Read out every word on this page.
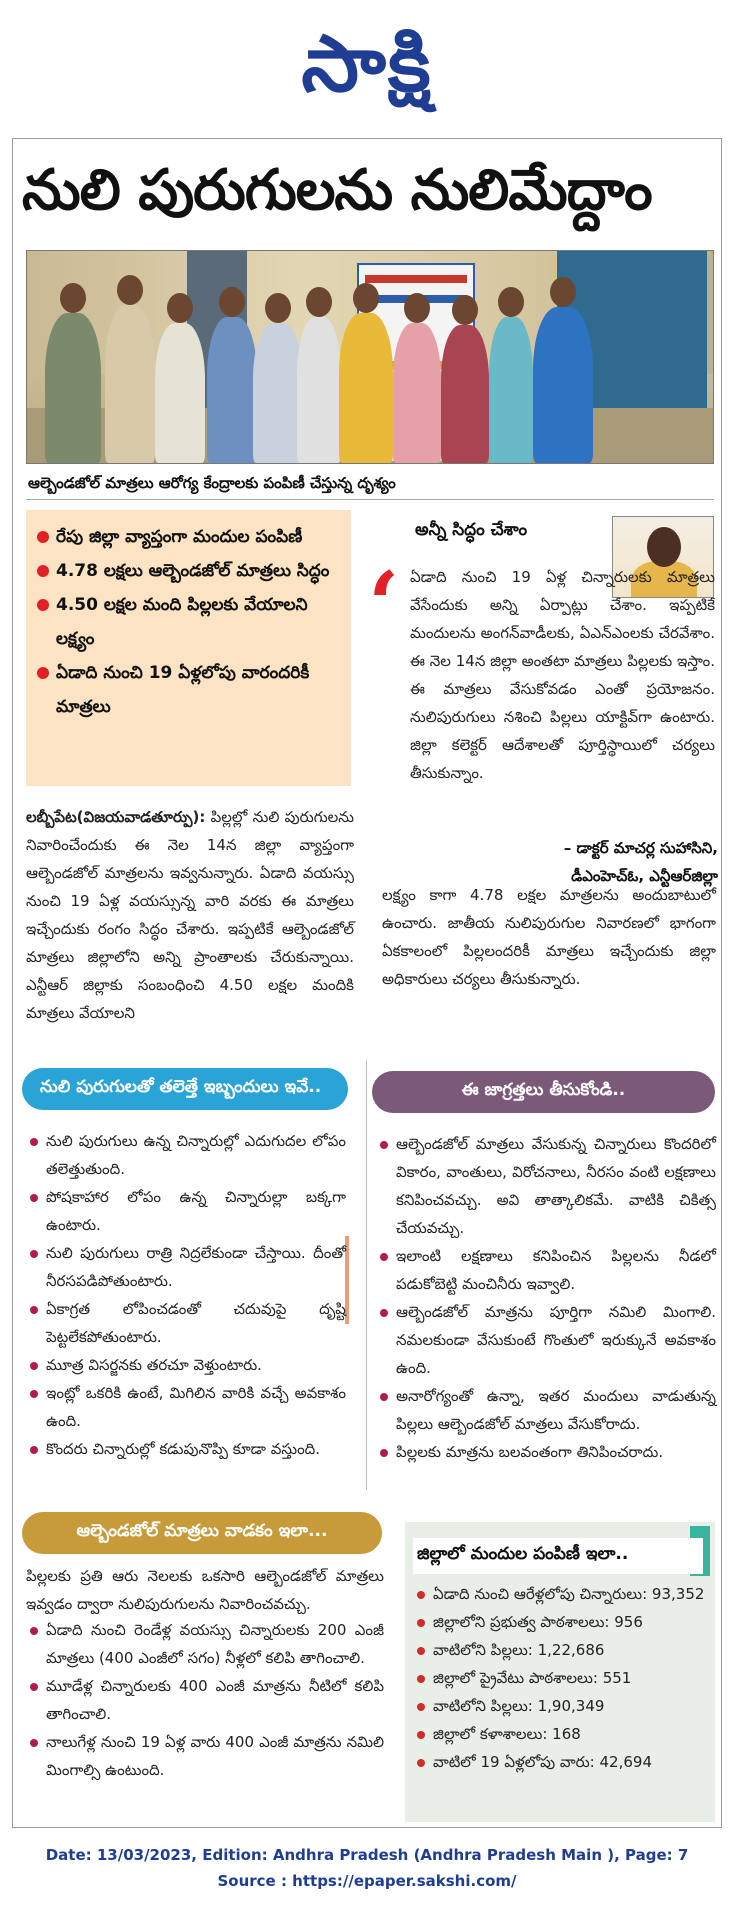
సాక్షి
నులి పురుగులను నులిమేద్దాం
ఆల్బెండజోల్ మాత్రలు ఆరోగ్య కేంద్రాలకు పంపిణీ చేస్తున్న దృశ్యం
రేపు జిల్లా వ్యాప్తంగా మందుల పంపిణీ
4.78 లక్షలు ఆల్బెండజోల్ మాత్రలు సిద్ధం
4.50 లక్షల మంది పిల్లలకు వేయాలని లక్ష్యం
ఏడాది నుంచి 19 ఏళ్లలోపు వారందరికీ మాత్రలు
అన్నీ సిద్ధం చేశాం
‘ ఏడాది నుంచి 19 ఏళ్ల చిన్నారులకు మాత్రలు వేసేందుకు అన్ని ఏర్పాట్లు చేశాం. ఇప్పటికే మందులను అంగన్‌వాడీలకు, ఏఎన్‌ఎంలకు చేరవేశాం. ఈ నెల 14న జిల్లా అంతటా మాత్రలు పిల్లలకు ఇస్తాం. ఈ మాత్రలు వేసుకోవడం ఎంతో ప్రయోజనం. నులిపురుగులు నశించి పిల్లలు యాక్టివ్‌గా ఉంటారు. జిల్లా కలెక్టర్ ఆదేశాలతో పూర్తిస్థాయిలో చర్యలు తీసుకున్నాం.

– డాక్టర్ మాచర్ల సుహాసిని,
డీఎంహెచ్‌ఓ, ఎన్టీఆర్‌జిల్లా

లబ్బీపేట(విజయవాడతూర్పు): పిల్లల్లో నులి పురుగులను నివారించేందుకు ఈ నెల 14న జిల్లా వ్యాప్తంగా ఆల్బెండజోల్ మాత్రలను ఇవ్వనున్నారు. ఏడాది వయస్సు నుంచి 19 ఏళ్ల వయస్సున్న వారి వరకు ఈ మాత్రలు ఇచ్చేందుకు రంగం సిద్ధం చేశారు. ఇప్పటికే ఆల్బెండజోల్ మాత్రలు జిల్లాలోని అన్ని ప్రాంతాలకు చేరుకున్నాయి. ఎన్టీఆర్ జిల్లాకు సంబంధించి 4.50 లక్షల మందికి మాత్రలు వేయాలని

లక్ష్యం కాగా 4.78 లక్షల మాత్రలను అందుబాటులో ఉంచారు. జాతీయ నులిపురుగుల నివారణలో భాగంగా ఏకకాలంలో పిల్లలందరికీ మాత్రలు ఇచ్చేందుకు జిల్లా అధికారులు చర్యలు తీసుకున్నారు.

నులి పురుగులతో తలెత్తే ఇబ్బందులు ఇవే..	ఈ జాగ్రత్తలు తీసుకోండి..
నులి పురుగులు ఉన్న చిన్నారుల్లో ఎదుగుదల లోపం తలెత్తుతుంది.
పోషకాహార లోపం ఉన్న చిన్నారుల్లా బక్కగా ఉంటారు.
నులి పురుగులు రాత్రి నిద్రలేకుండా చేస్తాయి. దీంతో నీరసపడిపోతుంటారు.
ఏకాగ్రత లోపించడంతో చదువుపై దృష్టి పెట్టలేకపోతుంటారు.
మూత్ర విసర్జనకు తరచూ వెళ్తుంటారు.
ఇంట్లో ఒకరికి ఉంటే, మిగిలిన వారికి వచ్చే అవకాశం ఉంది.
కొందరు చిన్నారుల్లో కడుపునొప్పి కూడా వస్తుంది.
ఆల్బెండజోల్ మాత్రలు వేసుకున్న చిన్నారులు కొందరిలో వికారం, వాంతులు, విరోచనాలు, నీరసం వంటి లక్షణాలు కనిపించవచ్చు. అవి తాత్కాలికమే. వాటికి చికిత్స చేయవచ్చు.
ఇలాంటి లక్షణాలు కనిపించిన పిల్లలను నీడలో పడుకోబెట్టి మంచినీరు ఇవ్వాలి.
ఆల్బెండజోల్ మాత్రను పూర్తిగా నమిలి మింగాలి. నమలకుండా వేసుకుంటే గొంతులో ఇరుక్కునే అవకాశం ఉంది.
అనారోగ్యంతో ఉన్నా, ఇతర మందులు వాడుతున్న పిల్లలు ఆల్బెండజోల్ మాత్రలు వేసుకోరాదు.
పిల్లలకు మాత్రను బలవంతంగా తినిపించరాదు.
ఆల్బెండజోల్ మాత్రలు వాడకం ఇలా...

పిల్లలకు ప్రతి ఆరు నెలలకు ఒకసారి ఆల్బెండజోల్ మాత్రలు ఇవ్వడం ద్వారా నులిపురుగులను నివారించవచ్చు.

ఏడాది నుంచి రెండేళ్ల వయస్సు చిన్నారులకు 200 ఎంజీ మాత్రలు (400 ఎంజీలో సగం) నీళ్లలో కలిపి తాగించాలి.
మూడేళ్ల చిన్నారులకు 400 ఎంజీ మాత్రను నీటిలో కలిపి తాగించాలి.
నాలుగేళ్ల నుంచి 19 ఏళ్ల వారు 400 ఎంజీ మాత్రను నమిలి మింగాల్సి ఉంటుంది.
జిల్లాలో మందుల పంపిణీ ఇలా..
ఏడాది నుంచి ఆరేళ్లలోపు చిన్నారులు: 93,352
జిల్లాలోని ప్రభుత్వ పాఠశాలలు: 956
వాటిలోని పిల్లలు: 1,22,686
జిల్లాలో ప్రైవేటు పాఠశాలలు: 551
వాటిలోని పిల్లలు: 1,90,349
జిల్లాలో కళాశాలలు: 168
వాటిలో 19 ఏళ్లలోపు వారు: 42,694
Date: 13/03/2023, Edition: Andhra Pradesh (Andhra Pradesh Main ), Page: 7
Source : https://epaper.sakshi.com/
